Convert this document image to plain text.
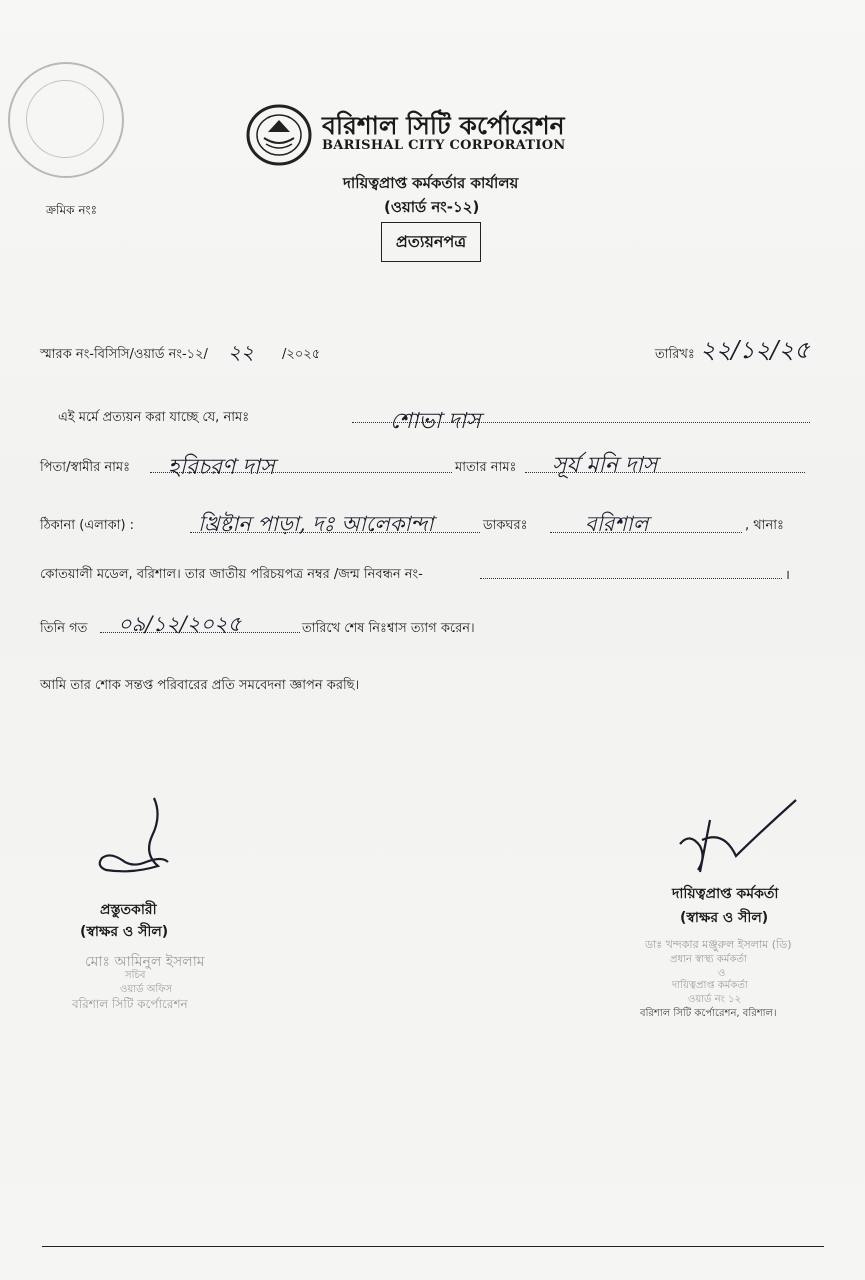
বরিশাল সিটি কর্পোরেশন
BARISHAL CITY CORPORATION
দায়িত্বপ্রাপ্ত কর্মকর্তার কার্যালয়
(ওয়ার্ড নং-১২)
প্রত্যয়নপত্র
ক্রমিক নংঃ
স্মারক নং-বিসিসি/ওয়ার্ড নং-১২/ ২২ /২০২৫	তারিখঃ ২২/১২/২৫
এই মর্মে প্রত্যয়ন করা যাচ্ছে যে, নামঃ	শোভা দাস
পিতা/স্বামীর নামঃ হরিচরণ দাস	মাতার নামঃ সূর্য মনি দাস
ঠিকানা (এলাকা) :	খ্রিষ্টান পাড়া, দঃ আলেকান্দা	ডাকঘরঃ	বরিশাল	, থানাঃ
কোতয়ালী মডেল, বরিশাল। তার জাতীয় পরিচয়পত্র নম্বর /জন্ম নিবন্ধন নং-	।
তিনি গত ০৯/১২/২০২৫	তারিখে শেষ নিঃশ্বাস ত্যাগ করেন।
আমি তার শোক সন্তপ্ত পরিবারের প্রতি সমবেদনা জ্ঞাপন করছি।
প্রস্তুতকারী
(স্বাক্ষর ও সীল)
মোঃ আমিনুল ইসলাম
সচিব
ওয়ার্ড অফিস
বরিশাল সিটি কর্পোরেশন
দায়িত্বপ্রাপ্ত কর্মকর্তা
(স্বাক্ষর ও সীল)
ডাঃ খন্দকার মঞ্জুরুল ইসলাম (ডি)
প্রধান স্বাস্থ্য কর্মকর্তা
ও
দায়িত্বপ্রাপ্ত কর্মকর্তা
ওয়ার্ড নং ১২
বরিশাল সিটি কর্পোরেশন, বরিশাল।
